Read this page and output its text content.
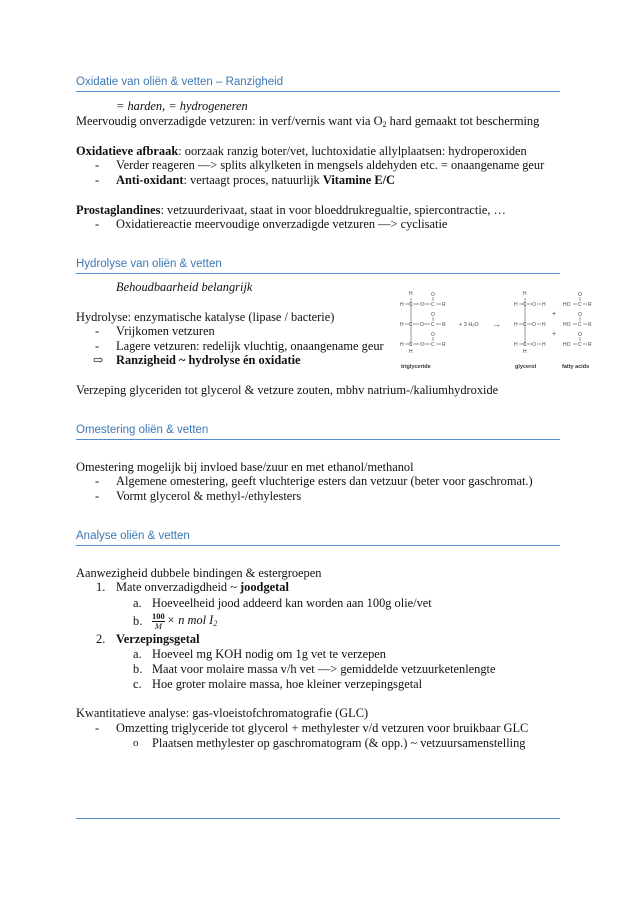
Oxidatie van oliën & vetten – Ranzigheid
= harden, = hydrogeneren
Meervoudig onverzadigde vetzuren: in verf/vernis want via $O_2$ hard gemaakt tot bescherming
Oxidatieve afbraak: oorzaak ranzig boter/vet, luchtoxidatie allylplaatsen: hydroperoxiden
- Verder reageren —> splits alkylketen in mengsels aldehyden etc. = onaangename geur
- Anti-oxidant: vertaagt proces, natuurlijk Vitamine E/C
Prostaglandines: vetzuurderivaat, staat in voor bloeddrukregualtie, spiercontractie, …
- Oxidatiereactie meervoudige onverzadigde vetzuren —> cyclisatie
Hydrolyse van oliën & vetten
Behoudbaarheid belangrijk
Hydrolyse: enzymatische katalyse (lipase / bacterie)
- Vrijkomen vetzuren
- Lagere vetzuren: redelijk vluchtig, onaangename geur
⇨ Ranzigheid ~ hydrolyse én oxidatie
Verzeping glyceriden tot glycerol & vetzure zouten, mbhv natrium-/kaliumhydroxide
H
H
H C O C
O
R
H C O C
O
R
H C O C
O
R
H
H
H C O H
H C O H
H C O H
HO C
O
R
HO C
O
R
HO C
O
R
+
+
+ 3 H₂O →
triglyceride	glycerol	fatty acids
Omestering oliën & vetten
Omestering mogelijk bij invloed base/zuur en met ethanol/methanol
- Algemene omestering, geeft vluchterige esters dan vetzuur (beter voor gaschromat.)
- Vormt glycerol & methyl-/ethylesters
Analyse oliën & vetten
Aanwezigheid dubbele bindingen & estergroepen
1. Mate onverzadigdheid ~ joodgetal
a. Hoeveelheid jood addeerd kan worden aan 100g olie/vet
b. $\frac{100}{M} \times n$ mol $I_2$
2. Verzepingsgetal
a. Hoeveel mg KOH nodig om 1g vet te verzepen
b. Maat voor molaire massa v/h vet —> gemiddelde vetzuurketenlengte
c. Hoe groter molaire massa, hoe kleiner verzepingsgetal
Kwantitatieve analyse: gas-vloeistofchromatografie (GLC)
- Omzetting triglyceride tot glycerol + methylester v/d vetzuren voor bruikbaar GLC
o Plaatsen methylester op gaschromatogram (& opp.) ~ vetzuursamenstelling
